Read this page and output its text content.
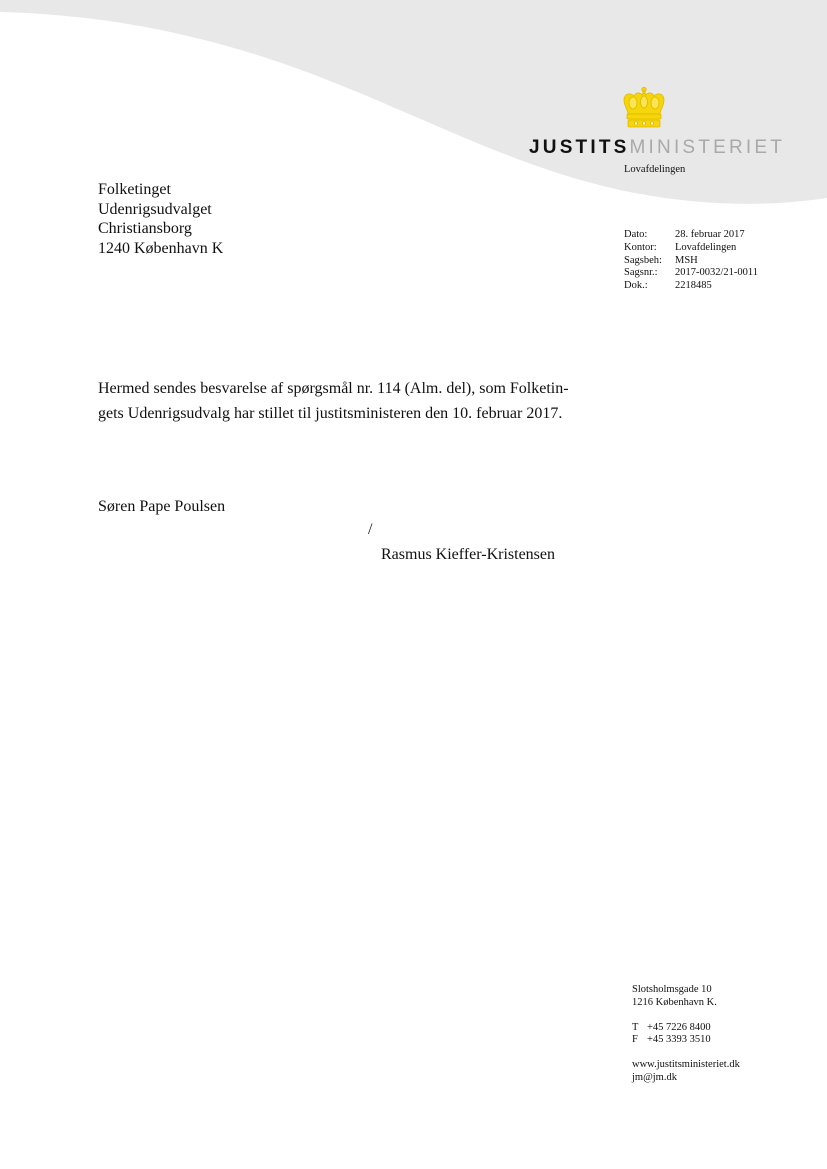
JUSTITSMINISTERIET
Lovafdelingen
Folketinget
Udenrigsudvalget
Christiansborg
1240 København K
Dato:	28. februar 2017
Kontor:	Lovafdelingen
Sagsbeh:	MSH
Sagsnr.:	2017-0032/21-0011
Dok.:	2218485
Hermed sendes besvarelse af spørgsmål nr. 114 (Alm. del), som Folketin-
gets Udenrigsudvalg har stillet til justitsministeren den 10. februar 2017.
Søren Pape Poulsen
/
Rasmus Kieffer-Kristensen
Slotsholmsgade 10
1216 København K.
T +45 7226 8400
F +45 3393 3510
www.justitsministeriet.dk
jm@jm.dk
